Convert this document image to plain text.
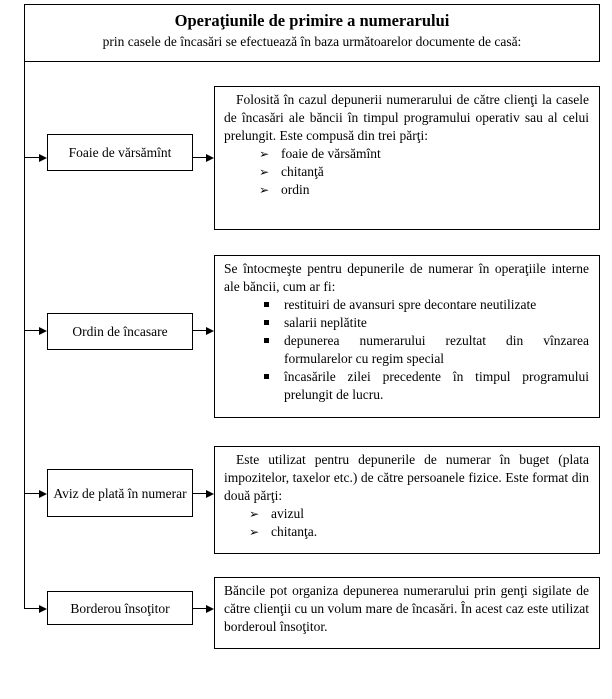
Operaţiunile de primire a numerarului
prin casele de încasări se efectuează în baza următoarelor documente de casă:
Foaie de vărsămînt

Folosită în cazul depunerii numerarului de către clienţi la casele de încasări ale băncii în timpul programului operativ sau al celui prelungit. Este compusă din trei părţi:

➢ foaie de vărsămînt
➢ chitanţă
➢ ordin
Ordin de încasare

Se întocmeşte pentru depunerile de numerar în operaţiile interne ale băncii, cum ar fi:

restituiri de avansuri spre decontare neutilizate
salarii neplătite
depunerea numerarului rezultat din vînzarea formularelor cu regim special
încasările zilei precedente în timpul programului prelungit de lucru.
Aviz de plată în numerar

Este utilizat pentru depunerile de numerar în buget (plata impozitelor, taxelor etc.) de către persoanele fizice. Este format din două părţi:

➢ avizul
➢ chitanţa.
Borderou însoţitor

Băncile pot organiza depunerea numerarului prin genţi sigilate de către clienţii cu un volum mare de încasări. În acest caz este utilizat borderoul însoţitor.
